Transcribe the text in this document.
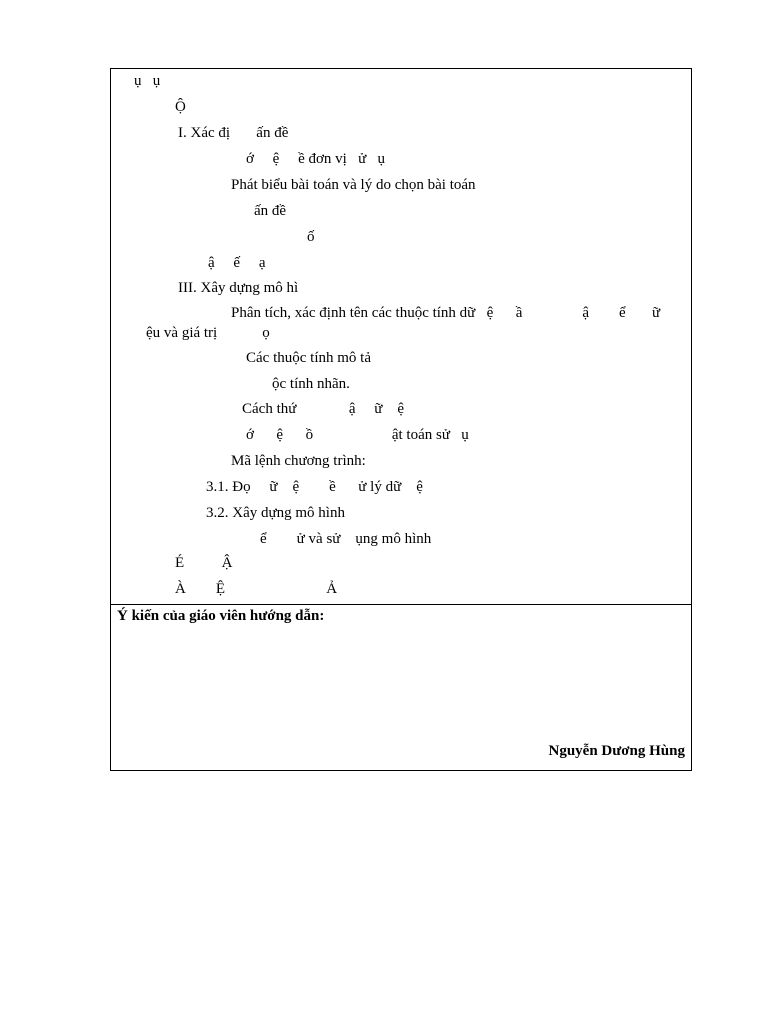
ụ   ụ
Ộ
I. Xác đị       ấn đề
ớ     ệ     ề đơn vị   ử   ụ
Phát biểu bài toán và lý do chọn bài toán
ấn đề
ố
ậ     ế     ạ
III. Xây dựng mô hì
Phân tích, xác định tên các thuộc tính dữ   ệ      ầ                ậ        ể       ữ
ệu và giá trị            ọ
Các thuộc tính mô tả
ộc tính nhãn.
Cách thứ              ậ     ữ    ệ
ớ      ệ      ồ                     ật toán sử   ụ
Mã lệnh chương trình:
3.1. Đọ     ữ    ệ        ề      ử lý dữ    ệ
3.2. Xây dựng mô hình
ể        ử và sử    ụng mô hình
É          Ậ
À        Ệ                           Ả
Ý kiến của giáo viên hướng dẫn:
Nguyễn Dương Hùng
